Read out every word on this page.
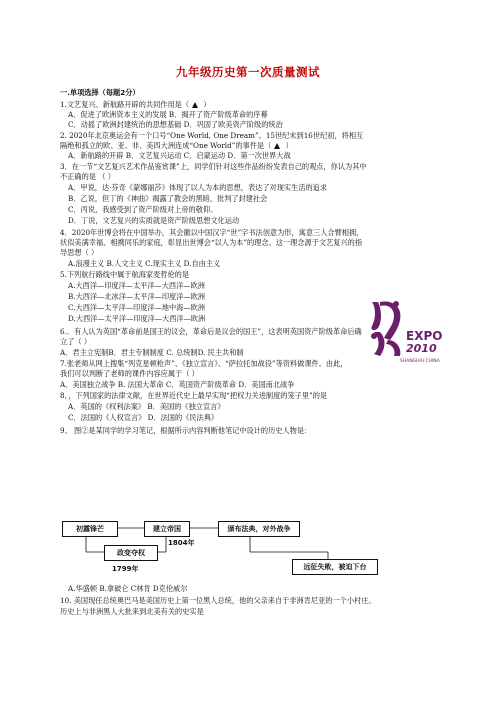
九年级历史第一次质量测试
一.单项选择（每题2分）
1.文艺复兴、新航路开辟的共同作用是（ ）
A．促进了欧洲资本主义的发展 B．揭开了资产阶级革命的序幕
C．动摇了欧洲封建统治的思想基础 D．巩固了欧美资产阶级的统治
2. 2020年北京奥运会有一个口号“One World, One Dream”。15世纪末到16世纪初，将相互
隔绝和孤立的欧、亚、非、美四大洲连成“One World”的事件是（ ）
A．新航路的开辟 B．文艺复兴运动 C．启蒙运动 D．第一次世界大战
3．在一节“文艺复兴艺术作品鉴赏课”上，同学们针对这些作品纷纷发表自己的观点，你认为其中
不正确的是 （ ）
A．甲说，达·芬奇《蒙娜丽莎》体现了以人为本的思想，表达了对现实生活的追求
B．乙说，但丁的《神曲》揭露了教会的黑暗，批判了封建社会
C．丙说，我感受到了资产阶级对上帝的敬仰。
D．丁说，文艺复兴的实质就是资产阶级思想文化运动
4．2020年世博会将在中国举办，其会徽以中国汉字“世”字书法创意为形，寓意三人合臂相拥，
状似美满幸福、相携同乐的家庭，彰显出世博会“以人为本”的理念。这一理念源于文艺复兴的指
导思想（ ）
A.浪漫主义 B.人文主义 C.现实主义 D.自由主义
5.下列航行路线中属于航海家麦哲伦的是
A.大西洋—印度洋—太平洋—大西洋—欧洲
B.大西洋—北冰洋—太平洋—印度洋—欧洲
C.大西洋—太平洋—印度洋—地中海—欧洲
D.大西洋—太平洋—印度洋—大西洋—欧洲
6.．有人认为英国“革命前是国王的议会，革命后是议会的国王”，这表明英国资产阶级革命后确
立了（ ）
A．君主立宪制B．君主专制制度 C. 总统制D. 民主共和制
7.张老师从网上搜集“列克星顿枪声”、《独立宣言》、“萨拉托加战役”等资料做课件。由此，
我们可以判断了老师的课件内容应属于（ ）
A．美国独立战争 B. 法国大革命 C．英国资产阶级革命 D．美国南北战争
8．，下列国家的法律文献，在世界近代史上最早实现“把权力关进制度的笼子里”的是
A．英国的《权利法案》 B．美国的《独立宣言》
C．法国的《人权宣言》 D．法国的《民法典》
9、 图②是某同学的学习笔记，根据所示内容判断他笔记中设计的历史人物是：
EXPO
2010
SHANGHAI CHINA
初露锋芒	建立帝国	颁布法典，对外战争
政变夺权
远征失败，被迫下台
1804年
1799年
A.华盛顿 B.拿破仑 C林肯 D克伦威尔
10. 美国现任总统奥巴马是美国历史上第一位黑人总统，他的父亲来自于非洲肯尼亚的一个小村庄。
历史上与非洲黑人大批来到北美有关的史实是
